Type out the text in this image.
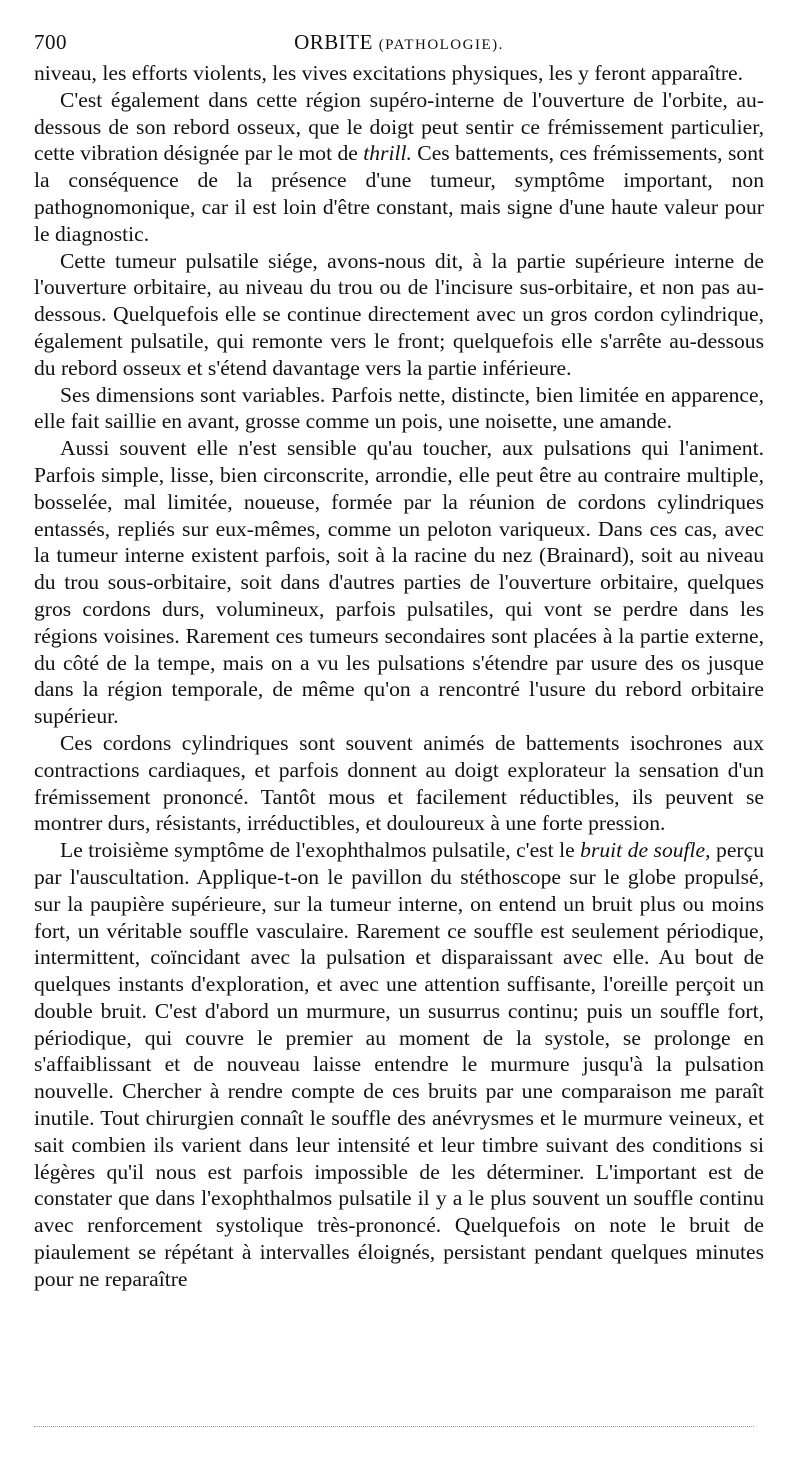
700	ORBITE (PATHOLOGIE).

niveau, les efforts violents, les vives excitations physiques, les y feront apparaître.

C'est également dans cette région supéro-interne de l'ouverture de l'orbite, au-dessous de son rebord osseux, que le doigt peut sentir ce frémissement particulier, cette vibration désignée par le mot de thrill. Ces battements, ces frémissements, sont la conséquence de la présence d'une tumeur, symptôme important, non pathognomonique, car il est loin d'être constant, mais signe d'une haute valeur pour le diagnostic.

Cette tumeur pulsatile siége, avons-nous dit, à la partie supérieure interne de l'ouverture orbitaire, au niveau du trou ou de l'incisure sus-orbitaire, et non pas au-dessous. Quelquefois elle se continue directement avec un gros cordon cylindrique, également pulsatile, qui remonte vers le front; quelquefois elle s'arrête au-dessous du rebord osseux et s'étend davantage vers la partie inférieure.

Ses dimensions sont variables. Parfois nette, distincte, bien limitée en apparence, elle fait saillie en avant, grosse comme un pois, une noisette, une amande.

Aussi souvent elle n'est sensible qu'au toucher, aux pulsations qui l'animent. Parfois simple, lisse, bien circonscrite, arrondie, elle peut être au contraire multiple, bosselée, mal limitée, noueuse, formée par la réunion de cordons cylindriques entassés, repliés sur eux-mêmes, comme un peloton variqueux. Dans ces cas, avec la tumeur interne existent parfois, soit à la racine du nez (Brainard), soit au niveau du trou sous-orbitaire, soit dans d'autres parties de l'ouverture orbitaire, quelques gros cordons durs, volumineux, parfois pulsatiles, qui vont se perdre dans les régions voisines. Rarement ces tumeurs secondaires sont placées à la partie externe, du côté de la tempe, mais on a vu les pulsations s'étendre par usure des os jusque dans la région temporale, de même qu'on a rencontré l'usure du rebord orbitaire supérieur.

Ces cordons cylindriques sont souvent animés de battements isochrones aux contractions cardiaques, et parfois donnent au doigt explorateur la sensation d'un frémissement prononcé. Tantôt mous et facilement réductibles, ils peuvent se montrer durs, résistants, irréductibles, et douloureux à une forte pression.

Le troisième symptôme de l'exophthalmos pulsatile, c'est le bruit de soufle, perçu par l'auscultation. Applique-t-on le pavillon du stéthoscope sur le globe propulsé, sur la paupière supérieure, sur la tumeur interne, on entend un bruit plus ou moins fort, un véritable souffle vasculaire. Rarement ce souffle est seulement périodique, intermittent, coïncidant avec la pulsation et disparaissant avec elle. Au bout de quelques instants d'exploration, et avec une attention suffisante, l'oreille perçoit un double bruit. C'est d'abord un murmure, un susurrus continu; puis un souffle fort, périodique, qui couvre le premier au moment de la systole, se prolonge en s'affaiblissant et de nouveau laisse entendre le murmure jusqu'à la pulsation nouvelle. Chercher à rendre compte de ces bruits par une comparaison me paraît inutile. Tout chirurgien connaît le souffle des anévrysmes et le murmure veineux, et sait combien ils varient dans leur intensité et leur timbre suivant des conditions si légères qu'il nous est parfois impossible de les déterminer. L'important est de constater que dans l'exophthalmos pulsatile il y a le plus souvent un souffle continu avec renforcement systolique très-prononcé. Quelquefois on note le bruit de piaulement se répétant à intervalles éloignés, persistant pendant quelques minutes pour ne reparaître
